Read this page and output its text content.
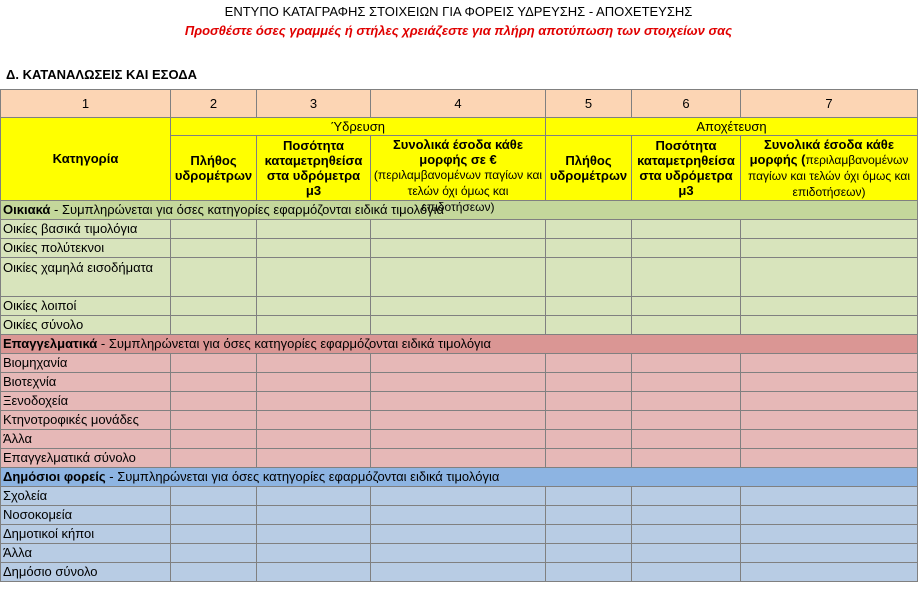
ΕΝΤΥΠΟ ΚΑΤΑΓΡΑΦΗΣ ΣΤΟΙΧΕΙΩΝ ΓΙΑ ΦΟΡΕΙΣ ΥΔΡΕΥΣΗΣ - ΑΠΟΧΕΤΕΥΣΗΣ
Προσθέστε όσες γραμμές ή στήλες χρειάζεστε για πλήρη αποτύπωση των στοιχείων σας
Δ. ΚΑΤΑΝΑΛΩΣΕΙΣ ΚΑΙ ΕΣΟΔΑ
1	2	3	4	5	6	7
Κατηγορία	Ύδρευση			Αποχέτευση		
	Πλήθος υδρομέτρων	Ποσότητα καταμετρηθείσα στα υδρόμετρα μ3	Συνολικά έσοδα κάθε μορφής σε € (περιλαμβανομένων παγίων και τελών όχι όμως και επιδοτήσεων)	Πλήθος υδρομέτρων	Ποσότητα καταμετρηθείσα στα υδρόμετρα μ3	Συνολικά έσοδα κάθε μορφής (περιλαμβανομένων παγίων και τελών όχι όμως και επιδοτήσεων)

Οικιακά - Συμπληρώνεται για όσες κατηγορίες εφαρμόζονται ειδικά τιμολόγια						
Οικίες βασικά τιμολόγια						
Οικίες πολύτεκνοι						
Οικίες χαμηλά εισοδήματα						
Οικίες λοιποί						
Οικίες σύνολο						
Επαγγελματικά - Συμπληρώνεται για όσες κατηγορίες εφαρμόζονται ειδικά τιμολόγια						
Βιομηχανία						
Βιοτεχνία						
Ξενοδοχεία						
Κτηνοτροφικές μονάδες						
Άλλα						
Επαγγελματικά σύνολο						
Δημόσιοι φορείς - Συμπληρώνεται για όσες κατηγορίες εφαρμόζονται ειδικά τιμολόγια						
Σχολεία						
Νοσοκομεία						
Δημοτικοί κήποι						
Άλλα						
Δημόσιο σύνολο						
